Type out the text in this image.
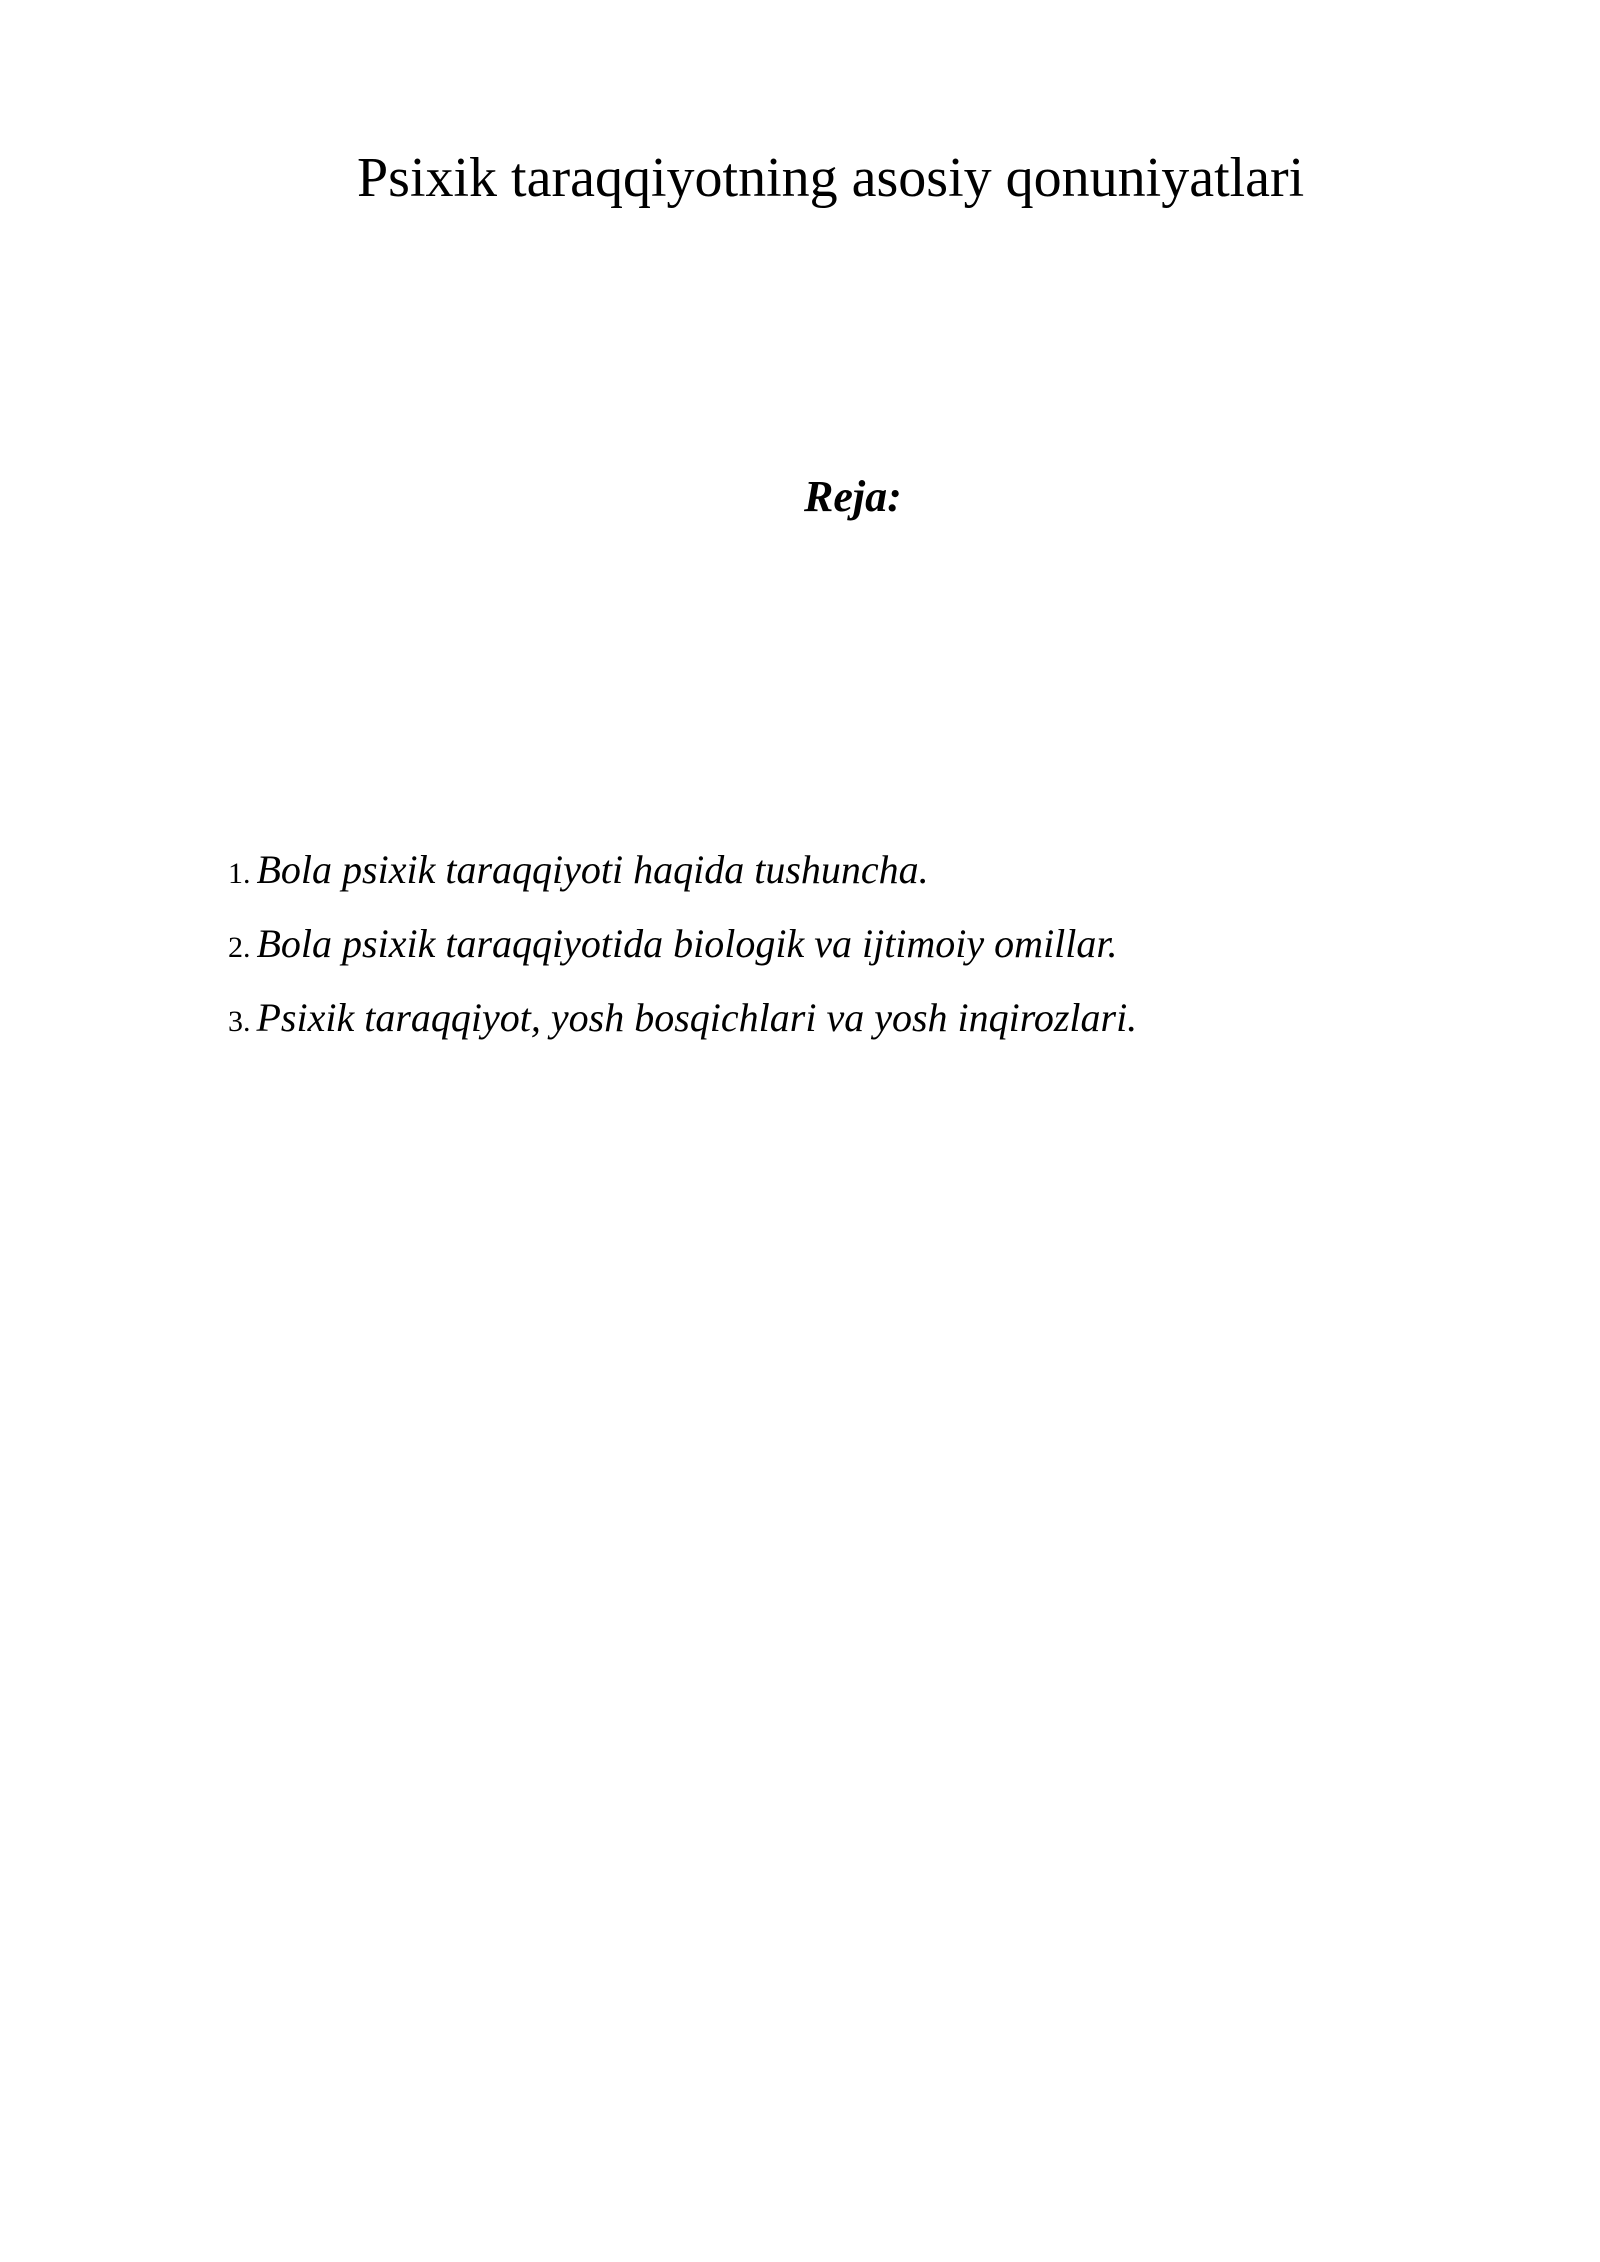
Psixik taraqqiyotning asosiy qonuniyatlari
Reja:
1. Bola psixik taraqqiyoti haqida tushuncha.
2. Bola psixik taraqqiyotida biologik va ijtimoiy omillar.
3. Psixik taraqqiyot, yosh bosqichlari va yosh inqirozlari.
